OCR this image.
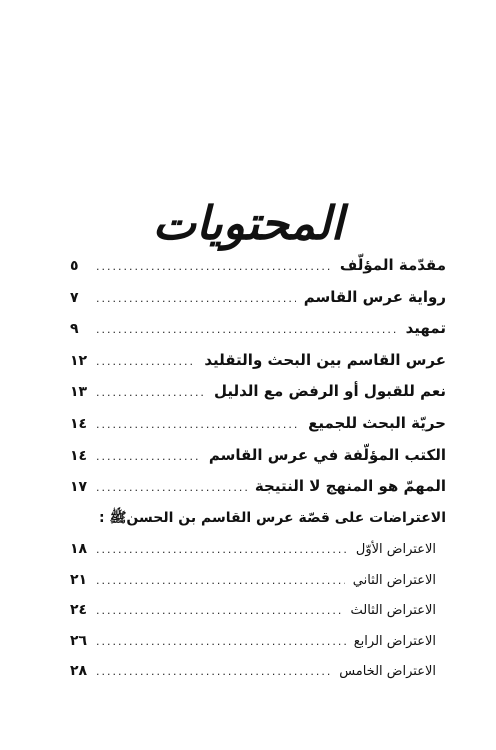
المحتويات
مقدّمة المؤلّف
.....
٥
رواية عرس القاسم
.....
٧
تمهيد
.....
٩
عرس القاسم بين البحث والتقليد
.....
١٢
نعم للقبول أو الرفض مع الدليل
.....
١٣
حريّة البحث للجميع
.....
١٤
الكتب المؤلّفة في عرس القاسم
.....
١٤
المهمّ هو المنهج لا النتيجة
.....
١٧
الاعتراضات على قصّة عرس القاسم بن الحسنﷺ :
الاعتراض الأوّل
.....
١٨
الاعتراض الثاني
.....
٢١
الاعتراض الثالث
.....
٢٤
الاعتراض الرابع
.....
٢٦
الاعتراض الخامس
.....
٢٨
